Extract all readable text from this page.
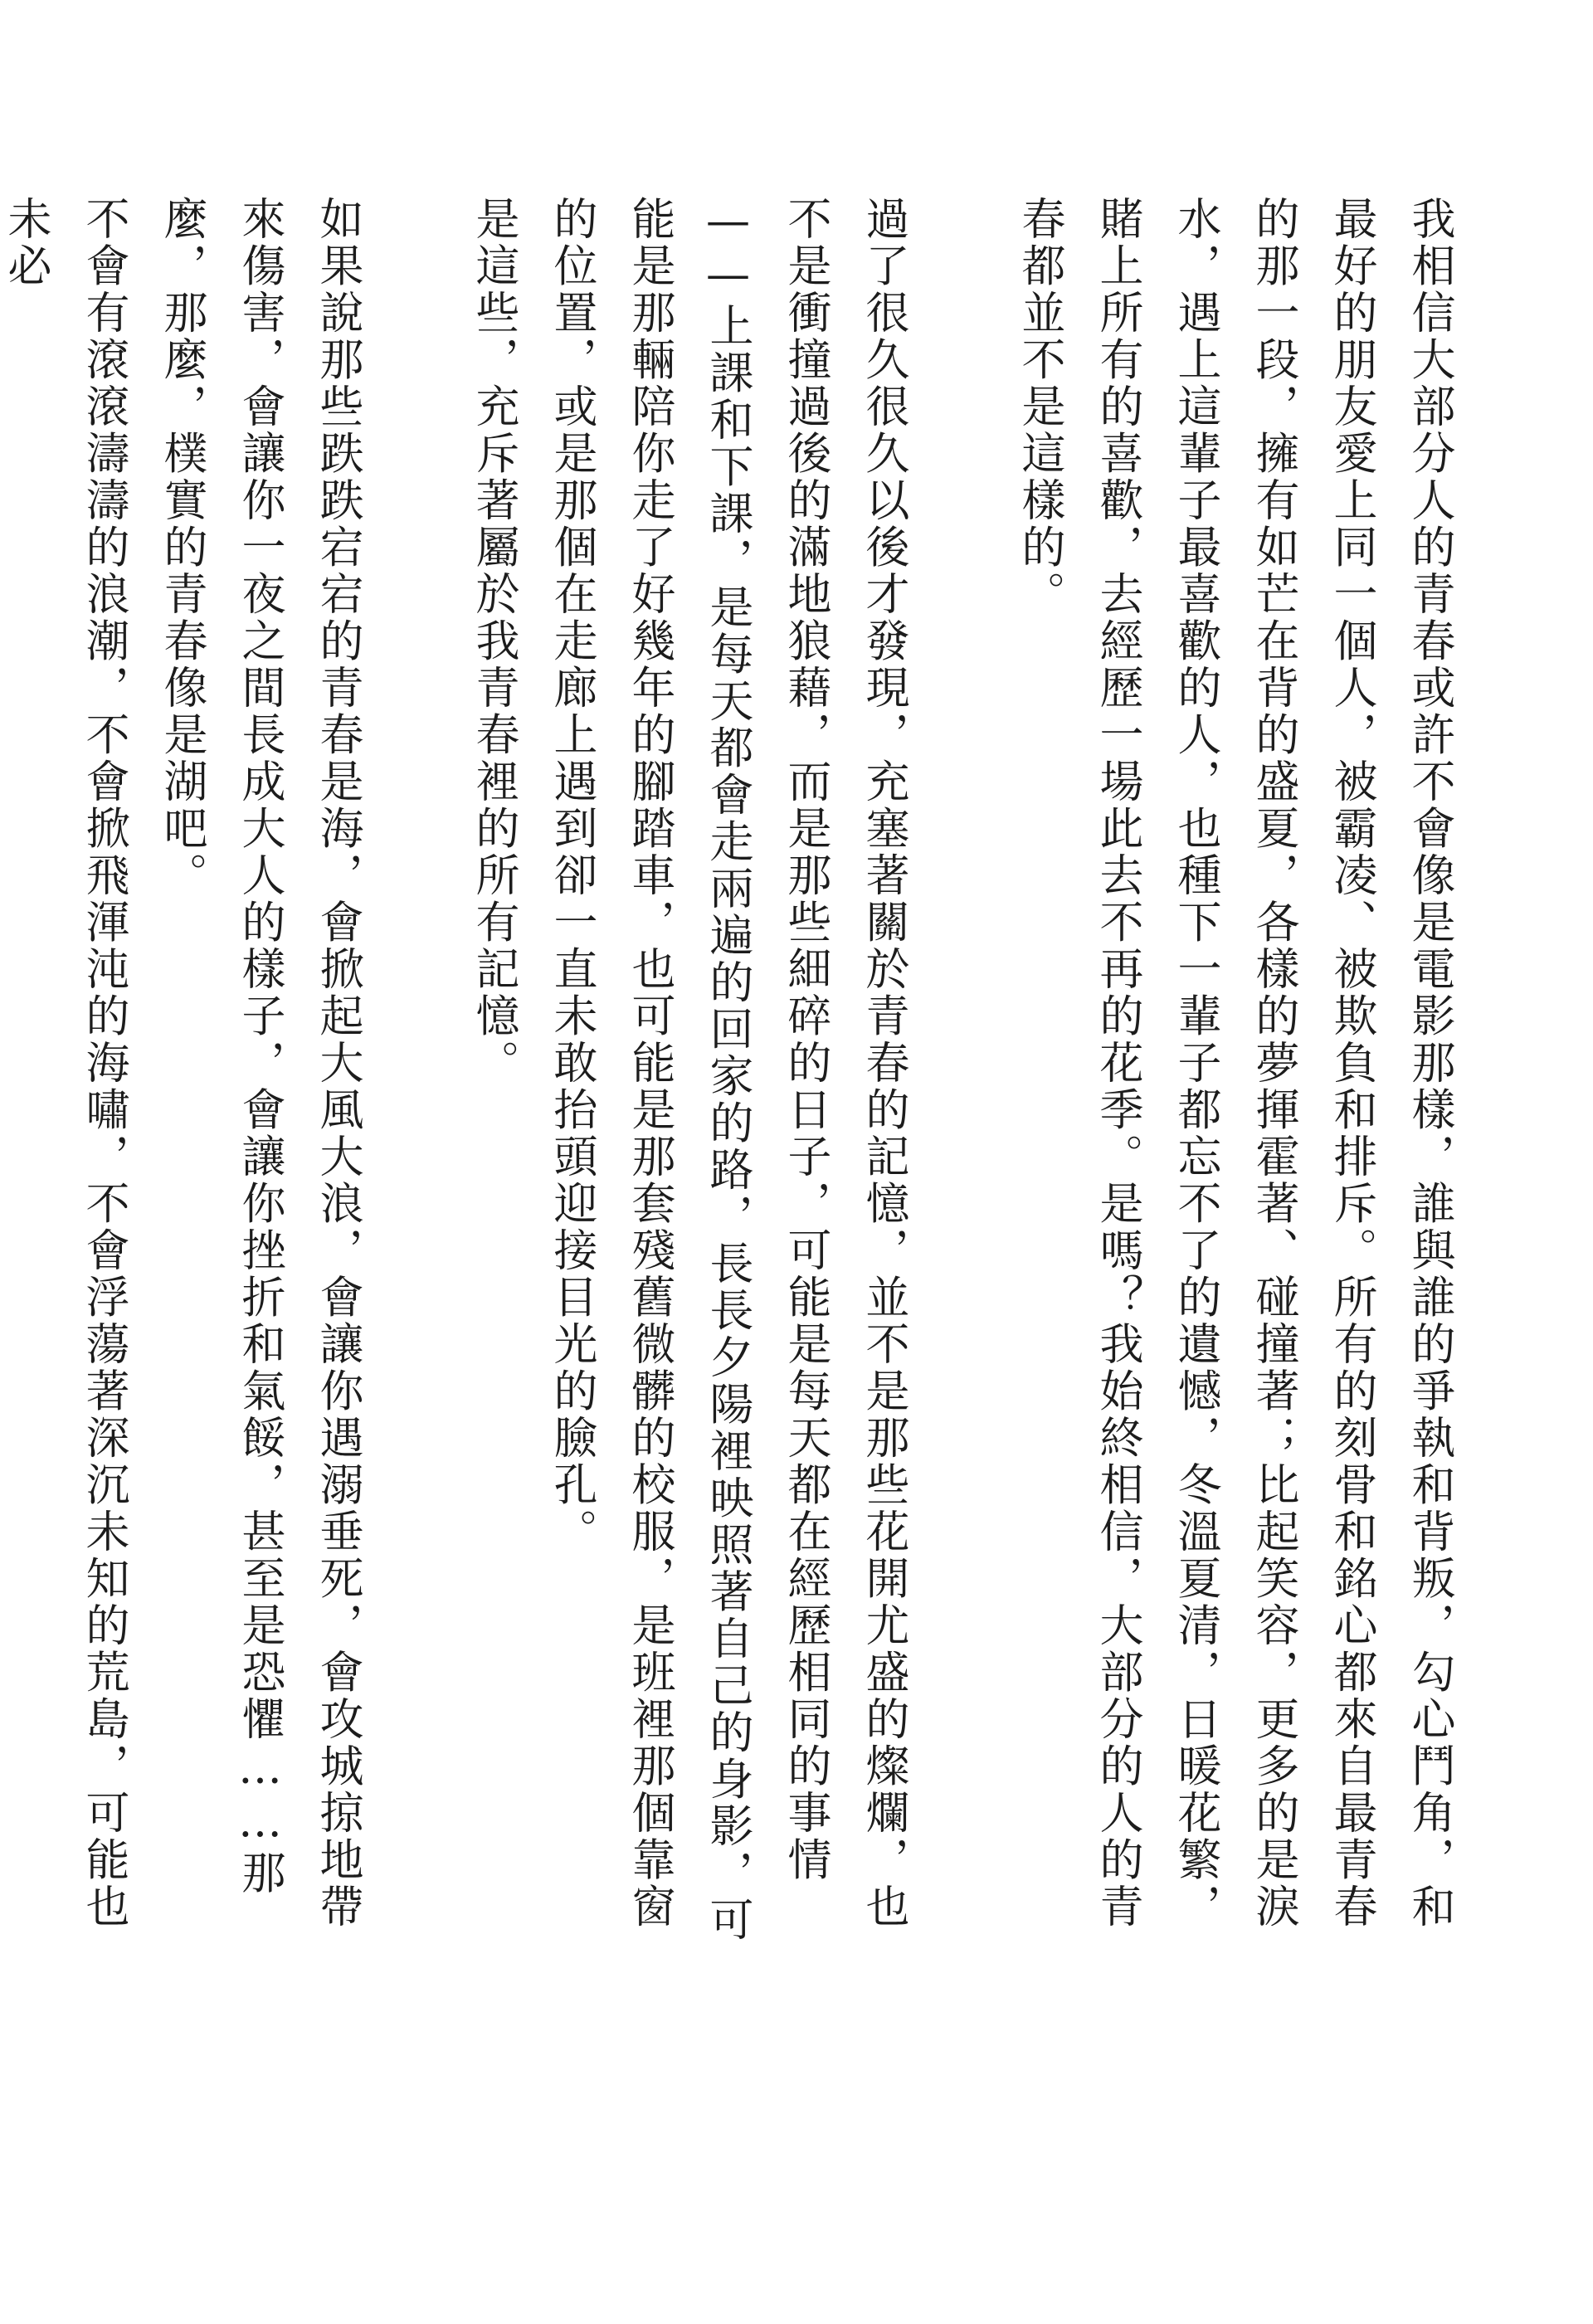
我相信大部分人的青春或許不會像是電影那樣，誰與誰的爭執和背叛，勾心鬥角，和最好的朋友愛上同一個人，被霸凌、被欺負和排斥。所有的刻骨和銘心都來自最青春的那一段，擁有如芒在背的盛夏，各樣的夢揮霍著、碰撞著；比起笑容，更多的是淚水，遇上這輩子最喜歡的人，也種下一輩子都忘不了的遺憾，冬溫夏清，日暖花繁，賭上所有的喜歡，去經歷一場此去不再的花季。是嗎？我始終相信，大部分的人的青春都並不是這樣的。

過了很久很久以後才發現，充塞著關於青春的記憶，並不是那些花開尤盛的燦爛，也不是衝撞過後的滿地狼藉，而是那些細碎的日子，可能是每天都在經歷相同的事情——上課和下課，是每天都會走兩遍的回家的路，長長夕陽裡映照著自己的身影，可能是那輛陪你走了好幾年的腳踏車，也可能是那套殘舊微髒的校服，是班裡那個靠窗的位置，或是那個在走廊上遇到卻一直未敢抬頭迎接目光的臉孔。

是這些，充斥著屬於我青春裡的所有記憶。

如果說那些跌跌宕宕的青春是海，會掀起大風大浪，會讓你遇溺垂死，會攻城掠地帶來傷害，會讓你一夜之間長成大人的樣子，會讓你挫折和氣餒，甚至是恐懼……那麼，那麼，樸實的青春像是湖吧。

不會有滾滾濤濤的浪潮，不會掀飛渾沌的海嘯，不會浮蕩著深沉未知的荒島，可能也未必
